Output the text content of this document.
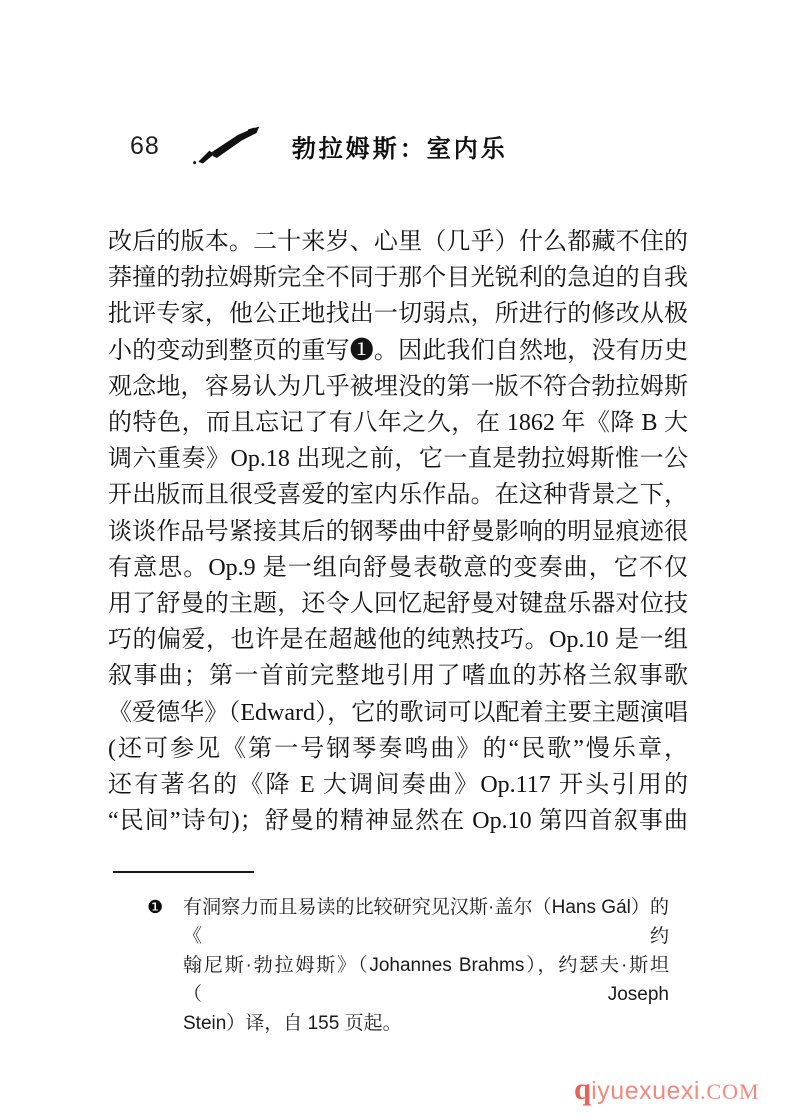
68	勃拉姆斯：室内乐
改后的版本。二十来岁、心里（几乎）什么都藏不住的
莽撞的勃拉姆斯完全不同于那个目光锐利的急迫的自我
批评专家，他公正地找出一切弱点，所进行的修改从极
小的变动到整页的重写❶。因此我们自然地，没有历史
观念地，容易认为几乎被埋没的第一版不符合勃拉姆斯
的特色，而且忘记了有八年之久，在 1862 年《降 B 大
调六重奏》Op.18 出现之前，它一直是勃拉姆斯惟一公
开出版而且很受喜爱的室内乐作品。在这种背景之下，
谈谈作品号紧接其后的钢琴曲中舒曼影响的明显痕迹很
有意思。Op.9 是一组向舒曼表敬意的变奏曲，它不仅
用了舒曼的主题，还令人回忆起舒曼对键盘乐器对位技
巧的偏爱，也许是在超越他的纯熟技巧。Op.10 是一组
叙事曲；第一首前完整地引用了嗜血的苏格兰叙事歌
《爱德华》（Edward），它的歌词可以配着主要主题演唱
(还可参见《第一号钢琴奏鸣曲》的“民歌”慢乐章，
还有著名的《降 E 大调间奏曲》Op.117 开头引用的
“民间”诗句)；舒曼的精神显然在 Op.10 第四首叙事曲
❶	有洞察力而且易读的比较研究见汉斯·盖尔（Hans Gál）的《约
翰尼斯·勃拉姆斯》（Johannes Brahms），约瑟夫·斯坦（Joseph
Stein）译，自 155 页起。
qiyuexuexi.COM
